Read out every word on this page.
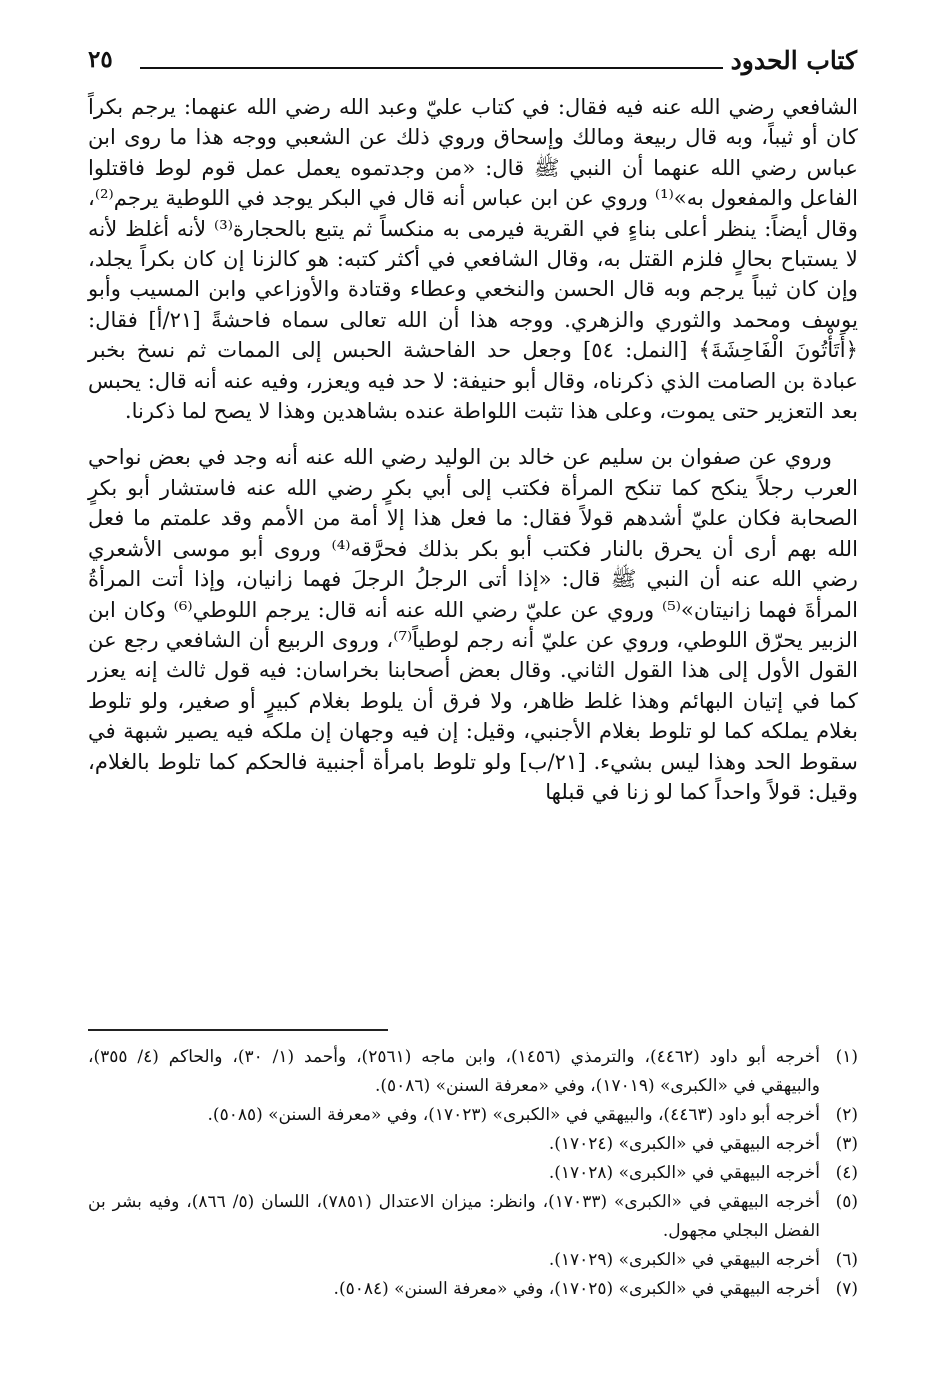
كتاب الحدود
٢٥

الشافعي رضي الله عنه فيه فقال: في كتاب عليّ وعبد الله رضي الله عنهما: يرجم بكراً كان أو ثيباً، وبه قال ربيعة ومالك وإسحاق وروي ذلك عن الشعبي ووجه هذا ما روى ابن عباس رضي الله عنهما أن النبي ﷺ قال: «من وجدتموه يعمل عمل قوم لوط فاقتلوا الفاعل والمفعول به»⁽¹⁾ وروي عن ابن عباس أنه قال في البكر يوجد في اللوطية يرجم⁽²⁾، وقال أيضاً: ينظر أعلى بناءٍ في القرية فيرمى به منكساً ثم يتبع بالحجارة⁽³⁾ لأنه أغلظ لأنه لا يستباح بحالٍ فلزم القتل به، وقال الشافعي في أكثر كتبه: هو كالزنا إن كان بكراً يجلد، وإن كان ثيباً يرجم وبه قال الحسن والنخعي وعطاء وقتادة والأوزاعي وابن المسيب وأبو يوسف ومحمد والثوري والزهري. ووجه هذا أن الله تعالى سماه فاحشةً [٢١/أ] فقال: ﴿أَتَأْتُونَ الْفَاحِشَةَ﴾ [النمل: ٥٤] وجعل حد الفاحشة الحبس إلى الممات ثم نسخ بخبر عبادة بن الصامت الذي ذكرناه، وقال أبو حنيفة: لا حد فيه ويعزر، وفيه عنه أنه قال: يحبس بعد التعزير حتى يموت، وعلى هذا تثبت اللواطة عنده بشاهدين وهذا لا يصح لما ذكرنا.

وروي عن صفوان بن سليم عن خالد بن الوليد رضي الله عنه أنه وجد في بعض نواحي العرب رجلاً ينكح كما تنكح المرأة فكتب إلى أبي بكرٍ رضي الله عنه فاستشار أبو بكرٍ الصحابة فكان عليّ أشدهم قولاً فقال: ما فعل هذا إلا أمة من الأمم وقد علمتم ما فعل الله بهم أرى أن يحرق بالنار فكتب أبو بكر بذلك فحرَّقه⁽⁴⁾ وروى أبو موسى الأشعري رضي الله عنه أن النبي ﷺ قال: «إذا أتى الرجلُ الرجلَ فهما زانيان، وإذا أتت المرأةُ المرأةَ فهما زانيتان»⁽⁵⁾ وروي عن عليّ رضي الله عنه أنه قال: يرجم اللوطي⁽⁶⁾ وكان ابن الزبير يحرّق اللوطي، وروي عن عليّ أنه رجم لوطياً⁽⁷⁾، وروى الربيع أن الشافعي رجع عن القول الأول إلى هذا القول الثاني. وقال بعض أصحابنا بخراسان: فيه قول ثالث إنه يعزر كما في إتيان البهائم وهذا غلط ظاهر، ولا فرق أن يلوط بغلام كبيرٍ أو صغير، ولو تلوط بغلام يملكه كما لو تلوط بغلام الأجنبي، وقيل: إن فيه وجهان إن ملكه فيه يصير شبهة في سقوط الحد وهذا ليس بشيء. [٢١/ب] ولو تلوط بامرأة أجنبية فالحكم كما تلوط بالغلام، وقيل: قولاً واحداً كما لو زنا في قبلها

(١)
أخرجه أبو داود (٤٤٦٢)، والترمذي (١٤٥٦)، وابن ماجه (٢٥٦١)، وأحمد (١/ ٣٠)، والحاكم (٤/ ٣٥٥)، والبيهقي في «الكبرى» (١٧٠١٩)، وفي «معرفة السنن» (٥٠٨٦).
(٢)
أخرجه أبو داود (٤٤٦٣)، والبيهقي في «الكبرى» (١٧٠٢٣)، وفي «معرفة السنن» (٥٠٨٥).
(٣)
أخرجه البيهقي في «الكبرى» (١٧٠٢٤).
(٤)
أخرجه البيهقي في «الكبرى» (١٧٠٢٨).
(٥)
أخرجه البيهقي في «الكبرى» (١٧٠٣٣)، وانظر: ميزان الاعتدال (٧٨٥١)، اللسان (٥/ ٨٦٦)، وفيه بشر بن الفضل البجلي مجهول.
(٦)
أخرجه البيهقي في «الكبرى» (١٧٠٢٩).
(٧)
أخرجه البيهقي في «الكبرى» (١٧٠٢٥)، وفي «معرفة السنن» (٥٠٨٤).
